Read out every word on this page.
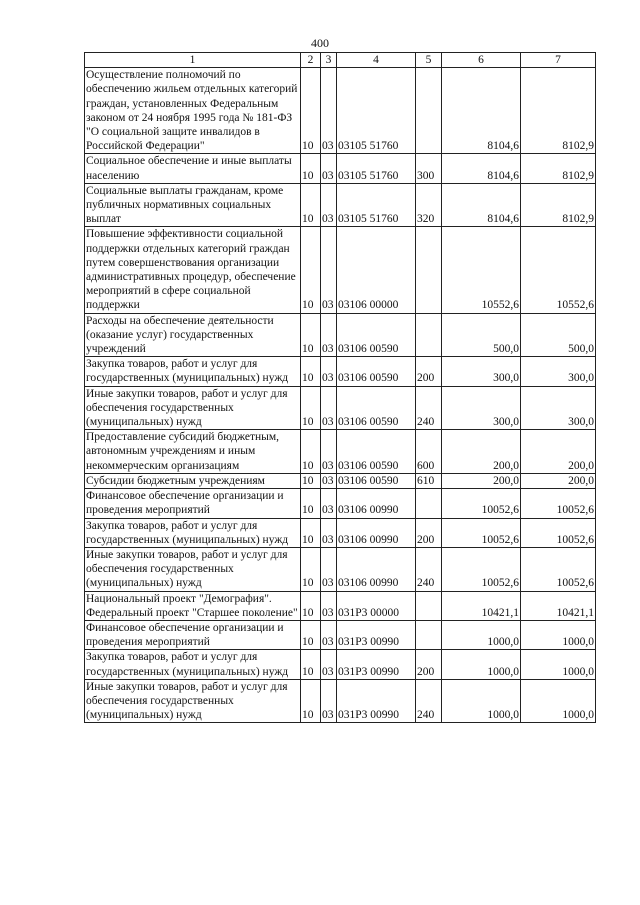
400
1	2	3	4	5	6	7
Осуществление полномочий по обеспечению жильем отдельных категорий граждан, установленных Федеральным законом от 24 ноября 1995 года № 181-ФЗ "О социальной защите инвалидов в Российской Федерации"	10	03	03105 51760		8104,6	8102,9
Социальное обеспечение и иные выплаты населению	10	03	03105 51760	300	8104,6	8102,9
Социальные выплаты гражданам, кроме публичных нормативных социальных выплат	10	03	03105 51760	320	8104,6	8102,9
Повышение эффективности социальной поддержки отдельных категорий граждан путем совершенствования организации административных процедур, обеспечение мероприятий в сфере социальной поддержки	10	03	03106 00000		10552,6	10552,6
Расходы на обеспечение деятельности (оказание услуг) государственных учреждений	10	03	03106 00590		500,0	500,0
Закупка товаров, работ и услуг для государственных (муниципальных) нужд	10	03	03106 00590	200	300,0	300,0
Иные закупки товаров, работ и услуг для обеспечения государственных (муниципальных) нужд	10	03	03106 00590	240	300,0	300,0
Предоставление субсидий бюджетным, автономным учреждениям и иным некоммерческим организациям	10	03	03106 00590	600	200,0	200,0
Субсидии бюджетным учреждениям	10	03	03106 00590	610	200,0	200,0
Финансовое обеспечение организации и проведения мероприятий	10	03	03106 00990		10052,6	10052,6
Закупка товаров, работ и услуг для государственных (муниципальных) нужд	10	03	03106 00990	200	10052,6	10052,6
Иные закупки товаров, работ и услуг для обеспечения государственных (муниципальных) нужд	10	03	03106 00990	240	10052,6	10052,6
Национальный проект "Демография". Федеральный проект "Старшее поколение"	10	03	031P3 00000		10421,1	10421,1
Финансовое обеспечение организации и проведения мероприятий	10	03	031P3 00990		1000,0	1000,0
Закупка товаров, работ и услуг для государственных (муниципальных) нужд	10	03	031P3 00990	200	1000,0	1000,0
Иные закупки товаров, работ и услуг для обеспечения государственных (муниципальных) нужд	10	03	031P3 00990	240	1000,0	1000,0
